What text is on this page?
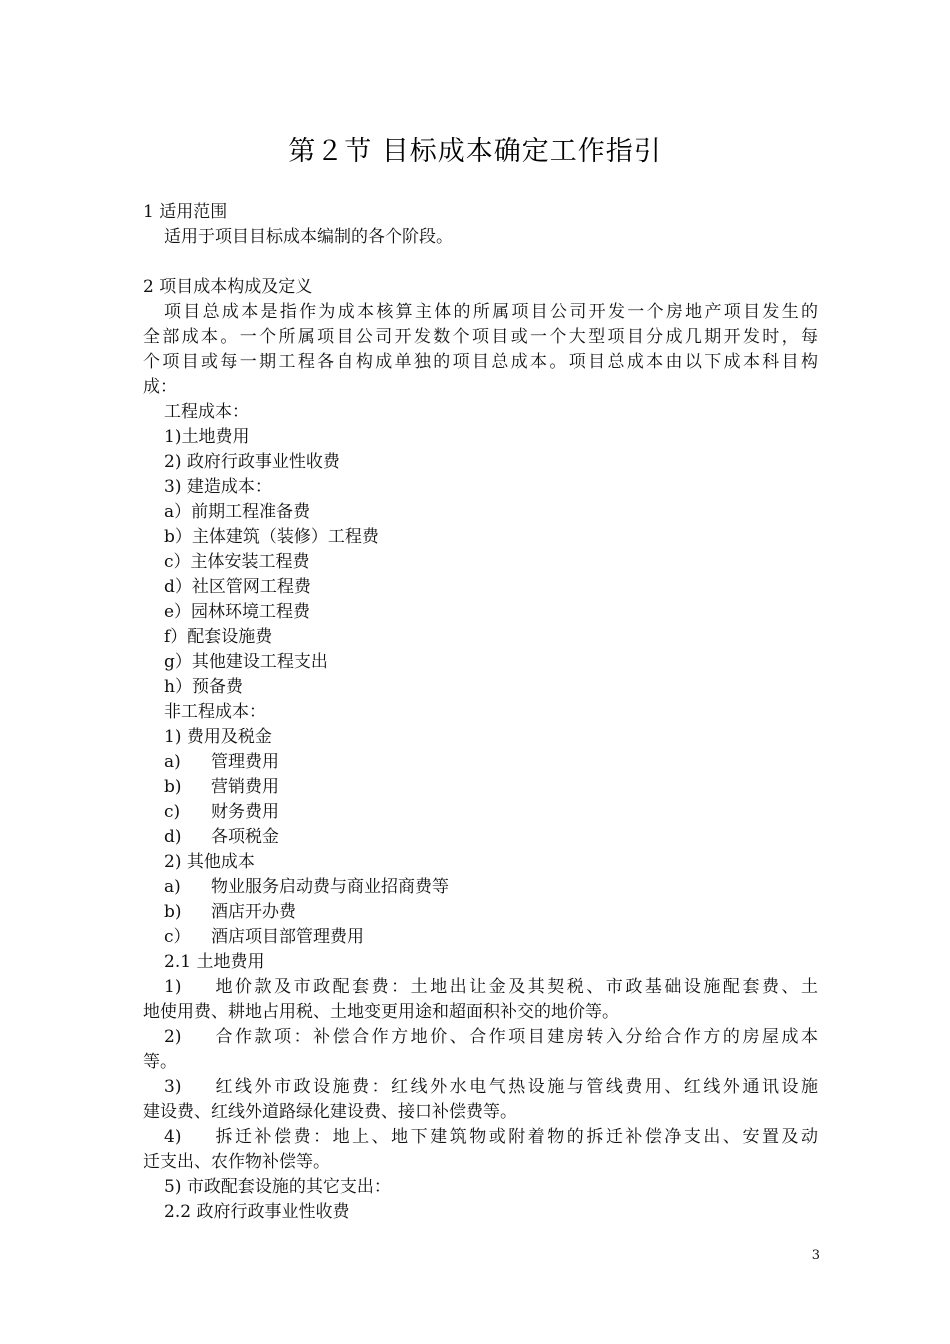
第２节 目标成本确定工作指引
1 适用范围
适用于项目目标成本编制的各个阶段。
2 项目成本构成及定义
项目总成本是指作为成本核算主体的所属项目公司开发一个房地产项目发生的
全部成本。一个所属项目公司开发数个项目或一个大型项目分成几期开发时，每
个项目或每一期工程各自构成单独的项目总成本。项目总成本由以下成本科目构
成：
工程成本：
1)土地费用
2) 政府行政事业性收费
3) 建造成本：
a）前期工程准备费
b）主体建筑（装修）工程费
c）主体安装工程费
d）社区管网工程费
e）园林环境工程费
f）配套设施费
g）其他建设工程支出
h）预备费
非工程成本：
1) 费用及税金
a) 管理费用
b) 营销费用
c) 财务费用
d) 各项税金
2) 其他成本
a) 物业服务启动费与商业招商费等
b) 酒店开办费
c） 酒店项目部管理费用
2.1 土地费用
1) 地价款及市政配套费：土地出让金及其契税、市政基础设施配套费、土
地使用费、耕地占用税、土地变更用途和超面积补交的地价等。
2) 合作款项：补偿合作方地价、合作项目建房转入分给合作方的房屋成本
等。
3) 红线外市政设施费：红线外水电气热设施与管线费用、红线外通讯设施
建设费、红线外道路绿化建设费、接口补偿费等。
4) 拆迁补偿费：地上、地下建筑物或附着物的拆迁补偿净支出、安置及动
迁支出、农作物补偿等。
5) 市政配套设施的其它支出：
2.2 政府行政事业性收费
3
